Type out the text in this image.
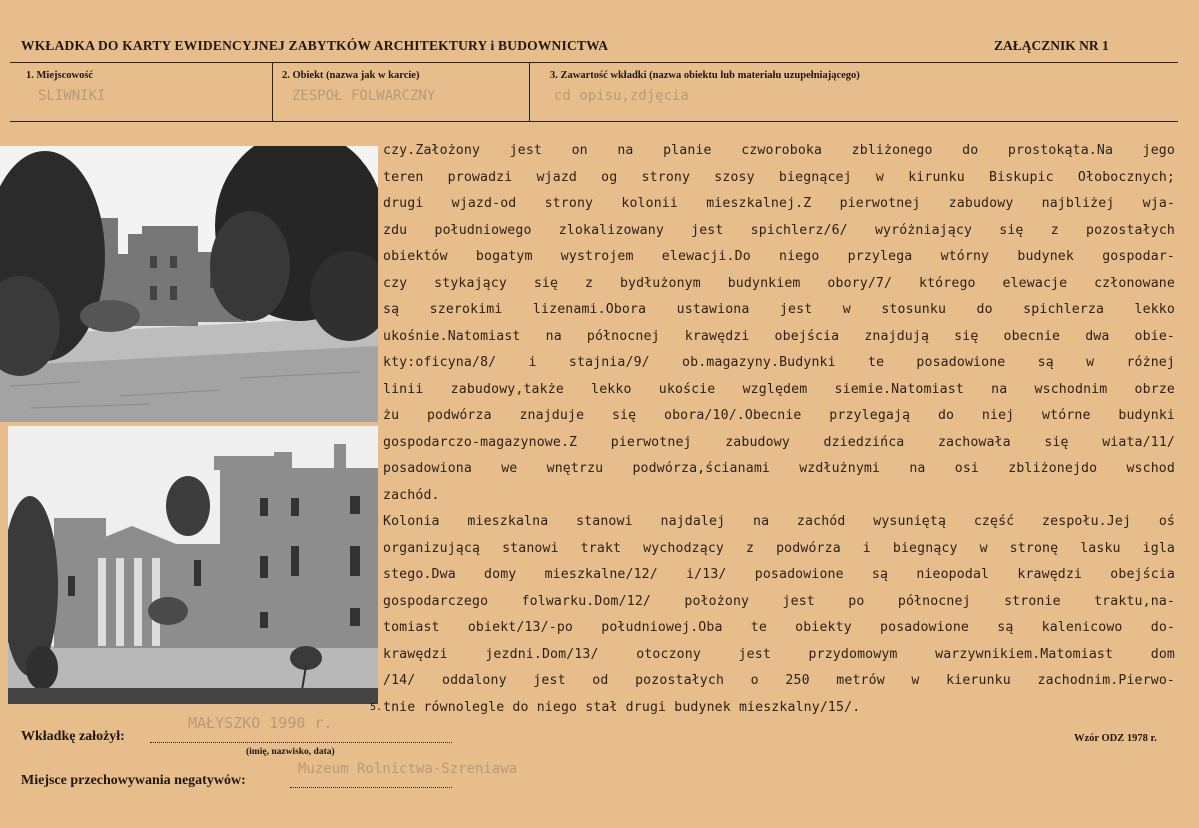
WKŁADKA DO KARTY EWIDENCYJNEJ ZABYTKÓW ARCHITEKTURY i BUDOWNICTWA	ZAŁĄCZNIK NR 1
1. Miejscowość
SLIWNIKI
2. Obiekt (nazwa jak w karcie)
ZESPOŁ FOLWARCZNY
3. Zawartość wkładki (nazwa obiektu lub materiału uzupełniającego)
cd opisu,zdjęcia
czy.Założony jest on na planie czworoboka zbliżonego do prostokąta.Na jego
teren prowadzi wjazd og strony szosy biegnącej w kirunku Biskupic Ołobocznych;
drugi wjazd-od strony kolonii mieszkalnej.Z pierwotnej zabudowy najbliżej wja-
zdu południowego zlokalizowany jest spichlerz/6/ wyróżniający się z pozostałych
obiektów bogatym wystrojem elewacji.Do niego przylega wtórny budynek gospodar-
czy stykający się z bydłużonym budynkiem obory/7/ którego elewacje członowane
są szerokimi lizenami.Obora ustawiona jest w stosunku do spichlerza lekko
ukośnie.Natomiast na północnej krawędzi obejścia znajdują się obecnie dwa obie-
kty:oficyna/8/ i stajnia/9/ ob.magazyny.Budynki te posadowione są w różnej
linii zabudowy,także lekko ukoście względem siemie.Natomiast na wschodnim obrze
żu podwórza znajduje się obora/10/.Obecnie przylegają do niej wtórne budynki
gospodarczo-magazynowe.Z pierwotnej zabudowy dziedzińca zachowała się wiata/11/
posadowiona we wnętrzu podwórza,ścianami wzdłużnymi na osi zbliżonejdo wschod
zachód.
Kolonia mieszkalna stanowi najdalej na zachód wysuniętą część zespołu.Jej oś
organizującą stanowi trakt wychodzący z podwórza i biegnący w stronę lasku igla
stego.Dwa domy mieszkalne/12/ i/13/ posadowione są nieopodal krawędzi obejścia
gospodarczego folwarku.Dom/12/ położony jest po północnej stronie traktu,na-
tomiast obiekt/13/-po południowej.Oba te obiekty posadowione są kalenicowo do-
krawędzi jezdni.Dom/13/ otoczony jest przydomowym warzywnikiem.Matomiast dom
/14/ oddalony jest od pozostałych o 250 metrów w kierunku zachodnim.Pierwo-
tnie równolegle do niego stał drugi budynek mieszkalny/15/.
5.
Wkładkę założył:
MAŁYSZKO 1990 r.
(imię, nazwisko, data)
Wzór ODZ 1978 r.
Miejsce przechowywania negatywów:
Muzeum Rolnictwa-Szreniawa
